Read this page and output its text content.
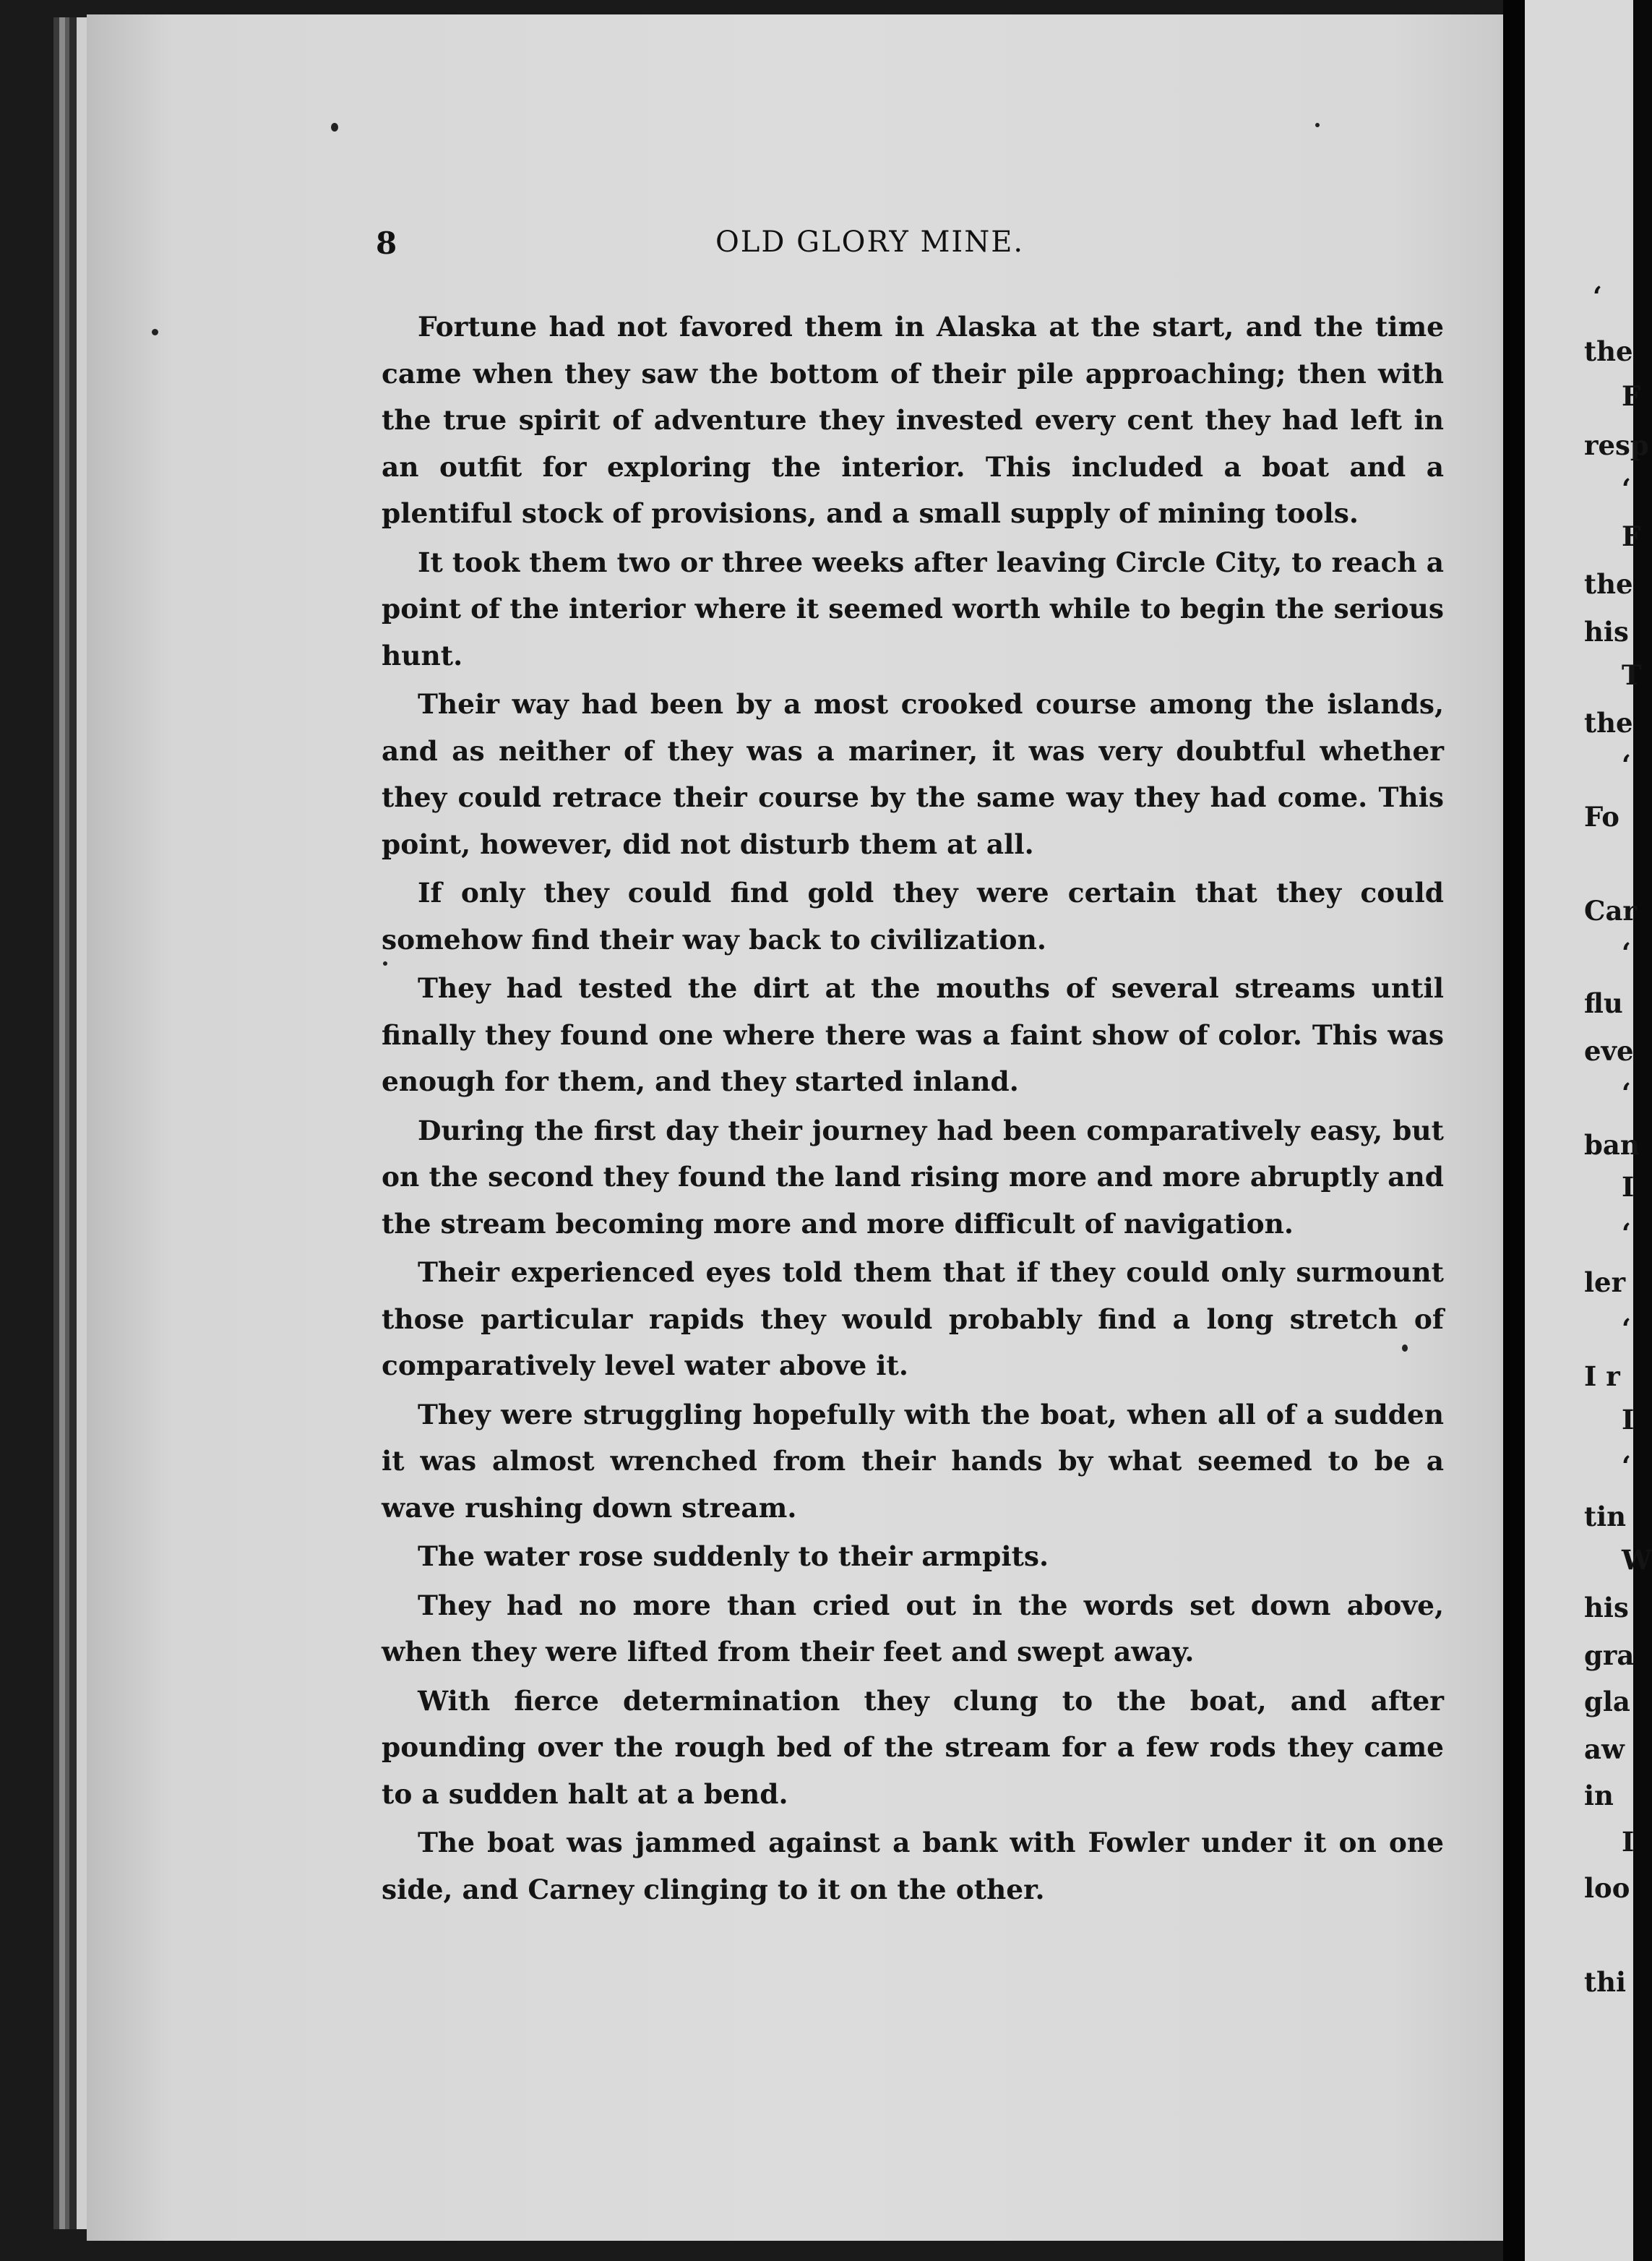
8	OLD GLORY MINE.

Fortune had not favored them in Alaska at the start, and the time came when they saw the bottom of their pile approaching; then with the true spirit of adventure they invested every cent they had left in an outfit for exploring the interior. This included a boat and a plentiful stock of provisions, and a small supply of mining tools.

It took them two or three weeks after leaving Circle City, to reach a point of the interior where it seemed worth while to begin the serious hunt.

Their way had been by a most crooked course among the islands, and as neither of they was a mariner, it was very doubtful whether they could retrace their course by the same way they had come. This point, however, did not disturb them at all.

If only they could find gold they were certain that they could somehow find their way back to civilization.

They had tested the dirt at the mouths of several streams until finally they found one where there was a faint show of color. This was enough for them, and they started inland.

During the first day their journey had been comparatively easy, but on the second they found the land rising more and more abruptly and the stream becoming more and more difficult of navigation.

Their experienced eyes told them that if they could only surmount those particular rapids they would probably find a long stretch of comparatively level water above it.

They were struggling hopefully with the boat, when all of a sudden it was almost wrenched from their hands by what seemed to be a wave rushing down stream.

The water rose suddenly to their armpits.

They had no more than cried out in the words set down above, when they were lifted from their feet and swept away.

With fierce determination they clung to the boat, and after pounding over the rough bed of the stream for a few rods they came to a sudden halt at a bend.

The boat was jammed against a bank with Fowler under it on one side, and Carney clinging to it on the other.

‘
the
F
resp
‘
F
the
his
T
the
‘
Fo
Car
‘
flu
eve
‘
ban
I
‘
ler
‘
I r
I
‘
tin
W
his
gra
gla
aw
in
I
loo
thi
